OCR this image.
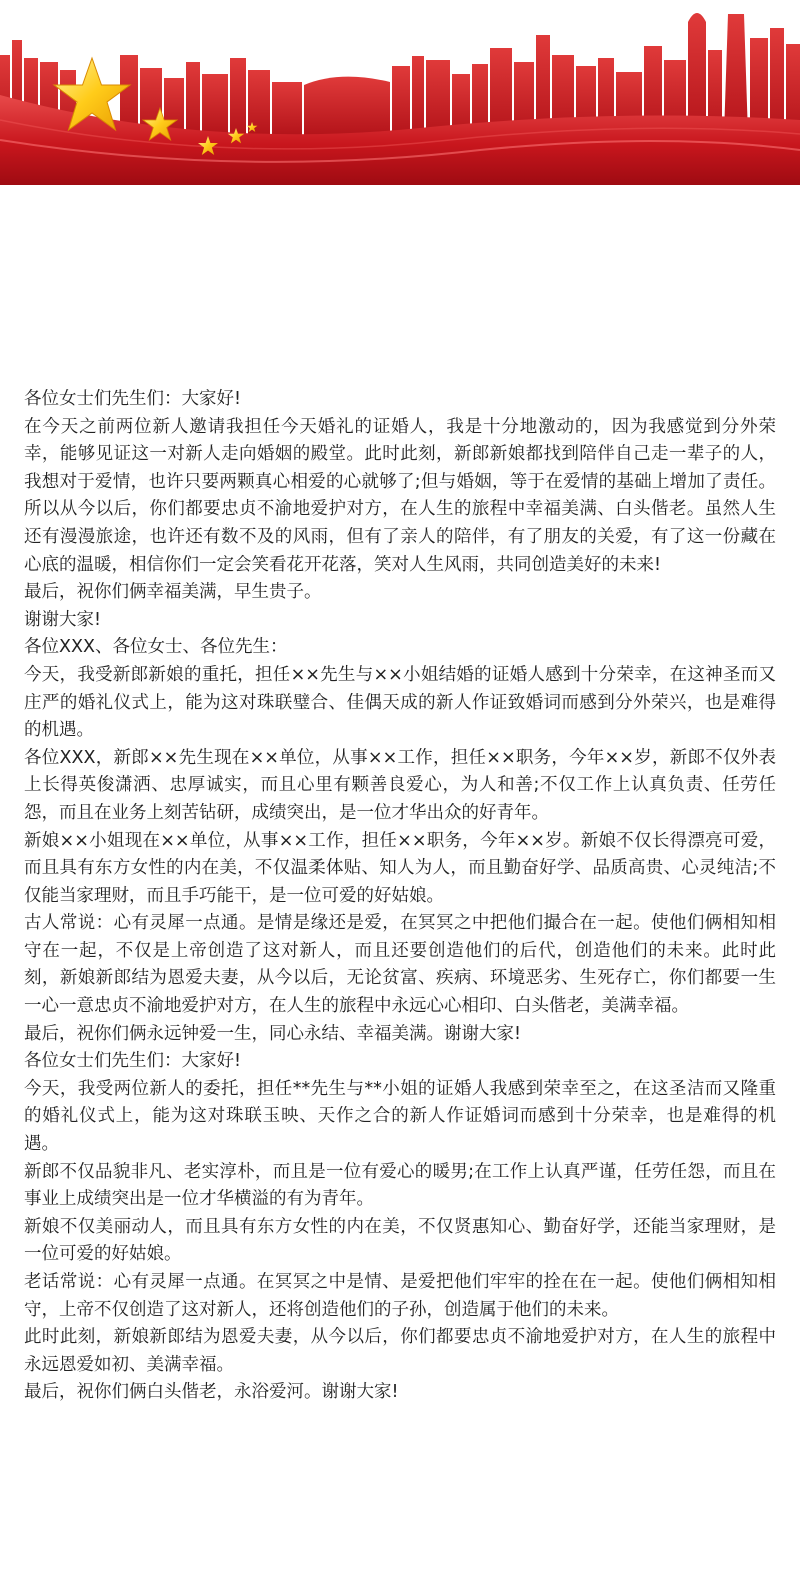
各位女士们先生们：大家好!

在今天之前两位新人邀请我担任今天婚礼的证婚人，我是十分地激动的，因为我感觉到分外荣幸，能够见证这一对新人走向婚姻的殿堂。此时此刻，新郎新娘都找到陪伴自己走一辈子的人，我想对于爱情，也许只要两颗真心相爱的心就够了;但与婚姻，等于在爱情的基础上增加了责任。所以从今以后，你们都要忠贞不渝地爱护对方，在人生的旅程中幸福美满、白头偕老。虽然人生还有漫漫旅途，也许还有数不及的风雨，但有了亲人的陪伴，有了朋友的关爱，有了这一份藏在心底的温暖，相信你们一定会笑看花开花落，笑对人生风雨，共同创造美好的未来!

最后，祝你们俩幸福美满，早生贵子。

谢谢大家!

各位XXX、各位女士、各位先生：

今天，我受新郎新娘的重托，担任××先生与××小姐结婚的证婚人感到十分荣幸，在这神圣而又庄严的婚礼仪式上，能为这对珠联璧合、佳偶天成的新人作证致婚词而感到分外荣兴，也是难得的机遇。

各位XXX，新郎××先生现在××单位，从事××工作，担任××职务，今年××岁，新郎不仅外表上长得英俊潇洒、忠厚诚实，而且心里有颗善良爱心，为人和善;不仅工作上认真负责、任劳任怨，而且在业务上刻苦钻研，成绩突出，是一位才华出众的好青年。

新娘××小姐现在××单位，从事××工作，担任××职务，今年××岁。新娘不仅长得漂亮可爱，而且具有东方女性的内在美，不仅温柔体贴、知人为人，而且勤奋好学、品质高贵、心灵纯洁;不仅能当家理财，而且手巧能干，是一位可爱的好姑娘。

古人常说：心有灵犀一点通。是情是缘还是爱，在冥冥之中把他们撮合在一起。使他们俩相知相守在一起，不仅是上帝创造了这对新人，而且还要创造他们的后代，创造他们的未来。此时此刻，新娘新郎结为恩爱夫妻，从今以后，无论贫富、疾病、环境恶劣、生死存亡，你们都要一生一心一意忠贞不渝地爱护对方，在人生的旅程中永远心心相印、白头偕老，美满幸福。

最后，祝你们俩永远钟爱一生，同心永结、幸福美满。谢谢大家!

各位女士们先生们：大家好!

今天，我受两位新人的委托，担任**先生与**小姐的证婚人我感到荣幸至之，在这圣洁而又隆重的婚礼仪式上，能为这对珠联玉映、天作之合的新人作证婚词而感到十分荣幸，也是难得的机遇。

新郎不仅品貌非凡、老实淳朴，而且是一位有爱心的暖男;在工作上认真严谨，任劳任怨，而且在事业上成绩突出是一位才华横溢的有为青年。

新娘不仅美丽动人，而且具有东方女性的内在美，不仅贤惠知心、勤奋好学，还能当家理财，是一位可爱的好姑娘。

老话常说：心有灵犀一点通。在冥冥之中是情、是爱把他们牢牢的拴在在一起。使他们俩相知相守，上帝不仅创造了这对新人，还将创造他们的子孙，创造属于他们的未来。

此时此刻，新娘新郎结为恩爱夫妻，从今以后，你们都要忠贞不渝地爱护对方，在人生的旅程中永远恩爱如初、美满幸福。

最后，祝你们俩白头偕老，永浴爱河。谢谢大家!
